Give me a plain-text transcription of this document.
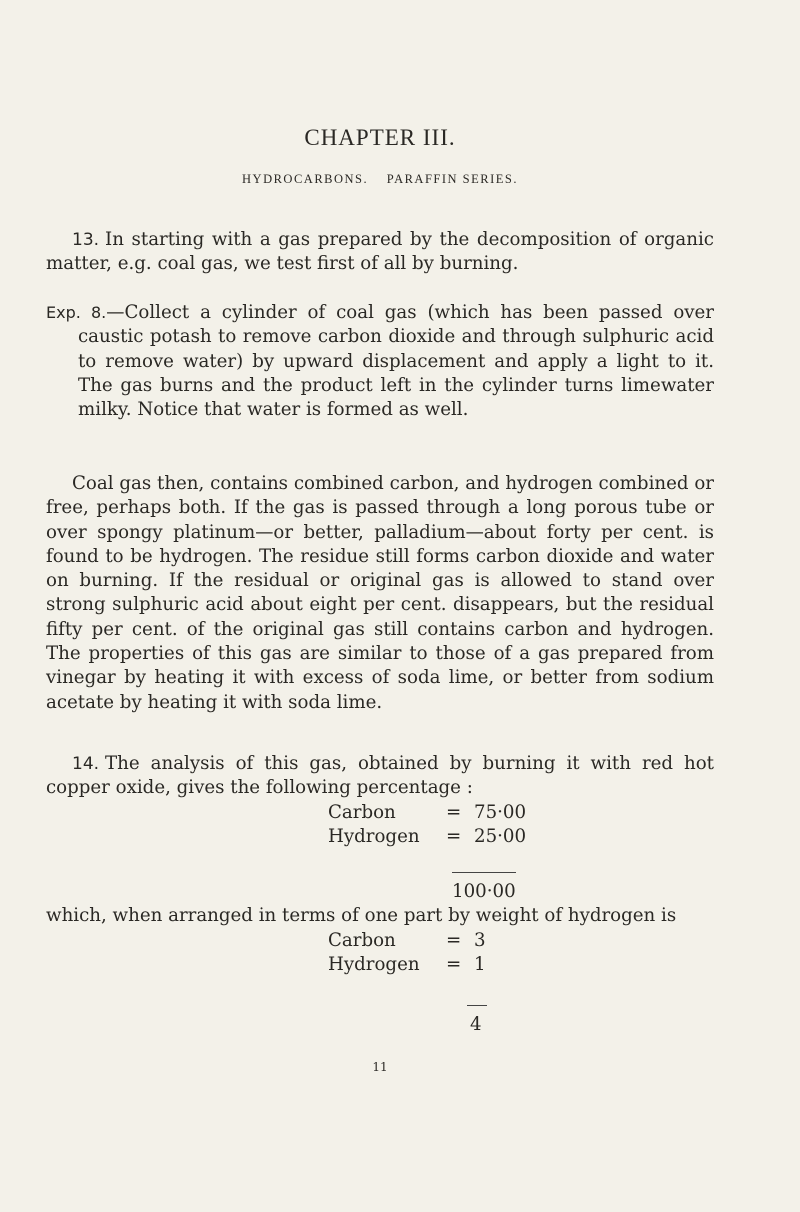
CHAPTER III.
HYDROCARBONS. PARAFFIN SERIES.

13. In starting with a gas prepared by the decomposition of organic matter, e.g. coal gas, we test first of all by burning.

Exp. 8.—Collect a cylinder of coal gas (which has been passed over caustic potash to remove carbon dioxide and through sulphuric acid to remove water) by upward displacement and apply a light to it. The gas burns and the product left in the cylinder turns limewater milky. Notice that water is formed as well.

Coal gas then, contains combined carbon, and hydrogen combined or free, perhaps both. If the gas is passed through a long porous tube or over spongy platinum—or better, palladium—about forty per cent. is found to be hydrogen. The residue still forms carbon dioxide and water on burning. If the residual or original gas is allowed to stand over strong sulphuric acid about eight per cent. disappears, but the residual fifty per cent. of the original gas still contains carbon and hydrogen. The properties of this gas are similar to those of a gas prepared from vinegar by heating it with excess of soda lime, or better from sodium acetate by heating it with soda lime.

14. The analysis of this gas, obtained by burning it with red hot copper oxide, gives the following percentage :

Carbon	= 75·00
Hydrogen	= 25·00
100·00

which, when arranged in terms of one part by weight of hydrogen is

Carbon	= 3
Hydrogen	= 1
4
11
